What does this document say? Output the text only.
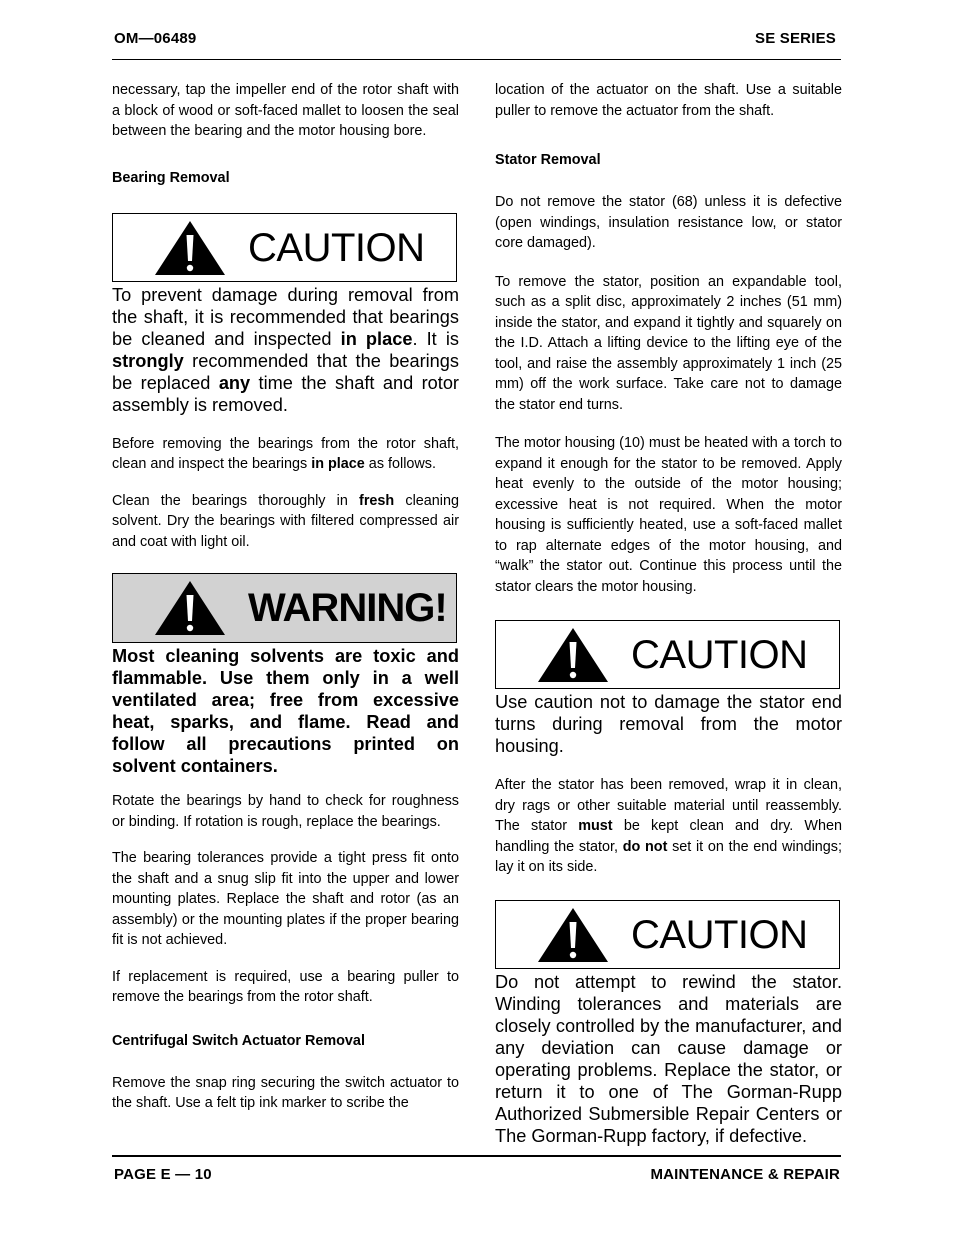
OM—06489	SE SERIES

necessary, tap the impeller end of the rotor shaft with a block of wood or soft-faced mallet to loosen the seal between the bearing and the motor housing bore.

Bearing Removal
CAUTION

To prevent damage during removal from the shaft, it is recommended that bearings be cleaned and inspected in place. It is strongly recommended that the bearings be replaced any time the shaft and rotor assembly is removed.

Before removing the bearings from the rotor shaft, clean and inspect the bearings in place as follows.

Clean the bearings thoroughly in fresh cleaning solvent. Dry the bearings with filtered compressed air and coat with light oil.

WARNING!

Most cleaning solvents are toxic and flammable. Use them only in a well ventilated area; free from excessive heat, sparks, and flame. Read and follow all precautions printed on solvent containers.

Rotate the bearings by hand to check for roughness or binding. If rotation is rough, replace the bearings.

The bearing tolerances provide a tight press fit onto the shaft and a snug slip fit into the upper and lower mounting plates. Replace the shaft and rotor (as an assembly) or the mounting plates if the proper bearing fit is not achieved.

If replacement is required, use a bearing puller to remove the bearings from the rotor shaft.

Centrifugal Switch Actuator Removal

Remove the snap ring securing the switch actuator to the shaft. Use a felt tip ink marker to scribe the

location of the actuator on the shaft. Use a suitable puller to remove the actuator from the shaft.

Stator Removal

Do not remove the stator (68) unless it is defective (open windings, insulation resistance low, or stator core damaged).

To remove the stator, position an expandable tool, such as a split disc, approximately 2 inches (51 mm) inside the stator, and expand it tightly and squarely on the I.D. Attach a lifting device to the lifting eye of the tool, and raise the assembly approximately 1 inch (25 mm) off the work surface. Take care not to damage the stator end turns.

The motor housing (10) must be heated with a torch to expand it enough for the stator to be removed. Apply heat evenly to the outside of the motor housing; excessive heat is not required. When the motor housing is sufficiently heated, use a soft-faced mallet to rap alternate edges of the motor housing, and “walk” the stator out. Continue this process until the stator clears the motor housing.

CAUTION

Use caution not to damage the stator end turns during removal from the motor housing.

After the stator has been removed, wrap it in clean, dry rags or other suitable material until reassembly. The stator must be kept clean and dry. When handling the stator, do not set it on the end windings; lay it on its side.

CAUTION

Do not attempt to rewind the stator. Winding tolerances and materials are closely controlled by the manufacturer, and any deviation can cause damage or operating problems. Replace the stator, or return it to one of The Gorman-Rupp Authorized Submersible Repair Centers or The Gorman-Rupp factory, if defective.

PAGE E — 10	MAINTENANCE & REPAIR
